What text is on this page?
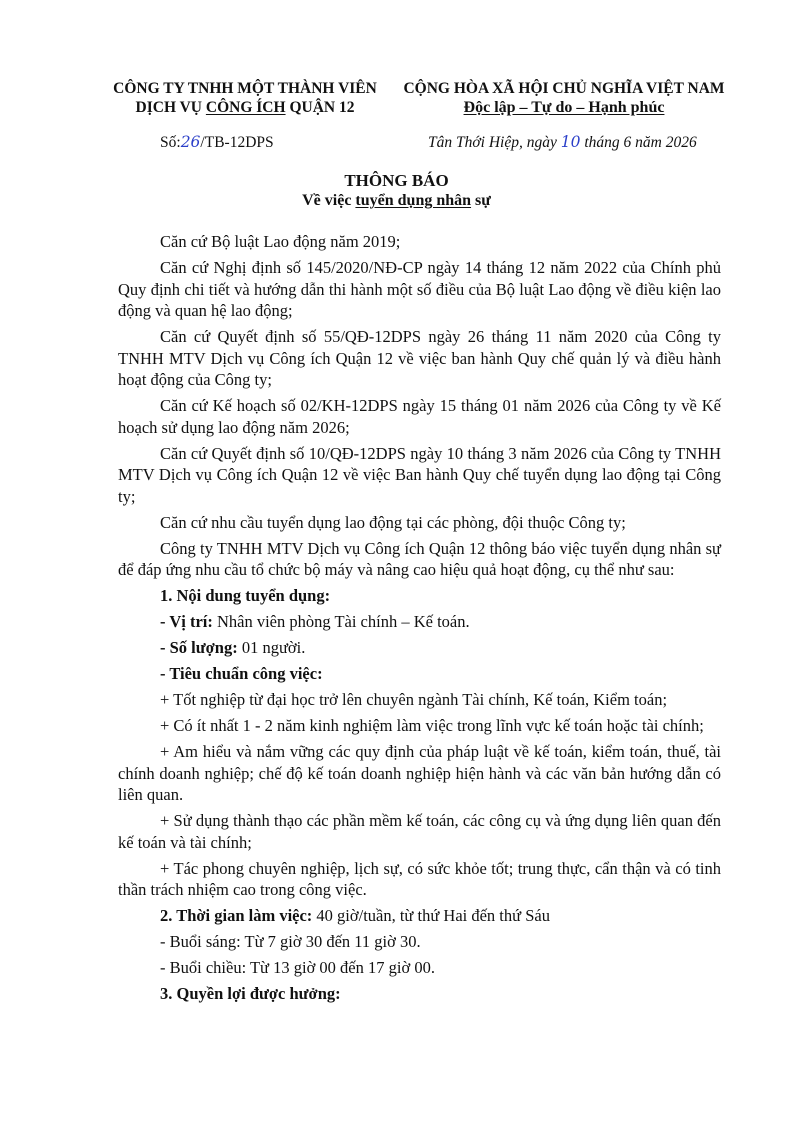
CÔNG TY TNHH MỘT THÀNH VIÊN
DỊCH VỤ CÔNG ÍCH QUẬN 12
CỘNG HÒA XÃ HỘI CHỦ NGHĨA VIỆT NAM
Độc lập – Tự do – Hạnh phúc
Số:26/TB-12DPS	Tân Thới Hiệp, ngày 10 tháng 6 năm 2026
THÔNG BÁO
Về việc tuyển dụng nhân sự

Căn cứ Bộ luật Lao động năm 2019;

Căn cứ Nghị định số 145/2020/NĐ-CP ngày 14 tháng 12 năm 2022 của Chính phủ Quy định chi tiết và hướng dẫn thi hành một số điều của Bộ luật Lao động về điều kiện lao động và quan hệ lao động;

Căn cứ Quyết định số 55/QĐ-12DPS ngày 26 tháng 11 năm 2020 của Công ty TNHH MTV Dịch vụ Công ích Quận 12 về việc ban hành Quy chế quản lý và điều hành hoạt động của Công ty;

Căn cứ Kế hoạch số 02/KH-12DPS ngày 15 tháng 01 năm 2026 của Công ty về Kế hoạch sử dụng lao động năm 2026;

Căn cứ Quyết định số 10/QĐ-12DPS ngày 10 tháng 3 năm 2026 của Công ty TNHH MTV Dịch vụ Công ích Quận 12 về việc Ban hành Quy chế tuyển dụng lao động tại Công ty;

Căn cứ nhu cầu tuyển dụng lao động tại các phòng, đội thuộc Công ty;

Công ty TNHH MTV Dịch vụ Công ích Quận 12 thông báo việc tuyển dụng nhân sự để đáp ứng nhu cầu tổ chức bộ máy và nâng cao hiệu quả hoạt động, cụ thể như sau:

1. Nội dung tuyển dụng:

- Vị trí: Nhân viên phòng Tài chính – Kế toán.

- Số lượng: 01 người.

- Tiêu chuẩn công việc:

+ Tốt nghiệp từ đại học trở lên chuyên ngành Tài chính, Kế toán, Kiểm toán;

+ Có ít nhất 1 - 2 năm kinh nghiệm làm việc trong lĩnh vực kế toán hoặc tài chính;

+ Am hiểu và nắm vững các quy định của pháp luật về kế toán, kiểm toán, thuế, tài chính doanh nghiệp; chế độ kế toán doanh nghiệp hiện hành và các văn bản hướng dẫn có liên quan.

+ Sử dụng thành thạo các phần mềm kế toán, các công cụ và ứng dụng liên quan đến kế toán và tài chính;

+ Tác phong chuyên nghiệp, lịch sự, có sức khỏe tốt; trung thực, cẩn thận và có tinh thần trách nhiệm cao trong công việc.

2. Thời gian làm việc: 40 giờ/tuần, từ thứ Hai đến thứ Sáu

- Buổi sáng: Từ 7 giờ 30 đến 11 giờ 30.

- Buổi chiều: Từ 13 giờ 00 đến 17 giờ 00.

3. Quyền lợi được hưởng:
